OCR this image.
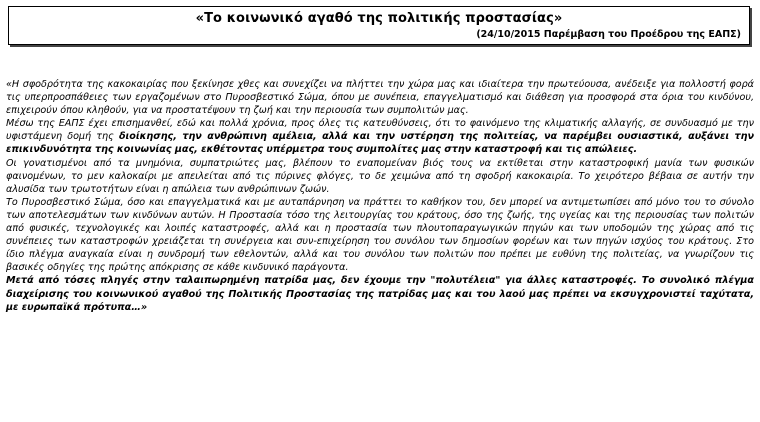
«Το κοινωνικό αγαθό της πολιτικής προστασίας»
(24/10/2015 Παρέμβαση του Προέδρου της ΕΑΠΣ)

«Η σφοδρότητα της κακοκαιρίας που ξεκίνησε χθες και συνεχίζει να πλήττει την χώρα μας και ιδιαίτερα την πρωτεύουσα, ανέδειξε για πολλοστή φορά τις υπερπροσπάθειες των εργαζομένων στο Πυροσβεστικό Σώμα, όπου με συνέπεια, επαγγελματισμό και διάθεση για προσφορά στα όρια του κινδύνου, επιχειρούν όπου κληθούν, για να προστατέψουν τη ζωή και την περιουσία των συμπολιτών μας.

Μέσω της ΕΑΠΣ έχει επισημανθεί, εδώ και πολλά χρόνια, προς όλες τις κατευθύνσεις, ότι το φαινόμενο της κλιματικής αλλαγής, σε συνδυασμό με την υφιστάμενη δομή της διοίκησης, την ανθρώπινη αμέλεια, αλλά και την υστέρηση της πολιτείας, να παρέμβει ουσιαστικά, αυξάνει την επικινδυνότητα της κοινωνίας μας, εκθέτοντας υπέρμετρα τους συμπολίτες μας στην καταστροφή και τις απώλειες.

Οι γονατισμένοι από τα μνημόνια, συμπατριώτες μας, βλέπουν το εναπομείναν βιός τους να εκτίθεται στην καταστροφική μανία των φυσικών φαινομένων, το μεν καλοκαίρι με απειλείται από τις πύρινες φλόγες, το δε χειμώνα από τη σφοδρή κακοκαιρία. Το χειρότερο βέβαια σε αυτήν την αλυσίδα των τρωτοτήτων είναι η απώλεια των ανθρώπινων ζωών.

Το Πυροσβεστικό Σώμα, όσο και επαγγελματικά και με αυταπάρνηση να πράττει το καθήκον του, δεν μπορεί να αντιμετωπίσει από μόνο του το σύνολο των αποτελεσμάτων των κινδύνων αυτών. Η Προστασία τόσο της λειτουργίας του κράτους, όσο της ζωής, της υγείας και της περιουσίας των πολιτών από φυσικές, τεχνολογικές και λοιπές καταστροφές, αλλά και η προστασία των πλουτοπαραγωγικών πηγών και των υποδομών της χώρας από τις συνέπειες των καταστροφών χρειάζεται τη συνέργεια και συν-επιχείρηση του συνόλου των δημοσίων φορέων και των πηγών ισχύος του κράτους. Στο ίδιο πλέγμα αναγκαία είναι η συνδρομή των εθελοντών, αλλά και του συνόλου των πολιτών που πρέπει με ευθύνη της πολιτείας, να γνωρίζουν τις βασικές οδηγίες της πρώτης απόκρισης σε κάθε κινδυνικό παράγοντα.

Μετά από τόσες πληγές στην ταλαιπωρημένη πατρίδα μας, δεν έχουμε την "πολυτέλεια" για άλλες καταστροφές. Το συνολικό πλέγμα διαχείρισης του κοινωνικού αγαθού της Πολιτικής Προστασίας της πατρίδας μας και του λαού μας πρέπει να εκσυγχρονιστεί ταχύτατα, με ευρωπαϊκά πρότυπα…»
